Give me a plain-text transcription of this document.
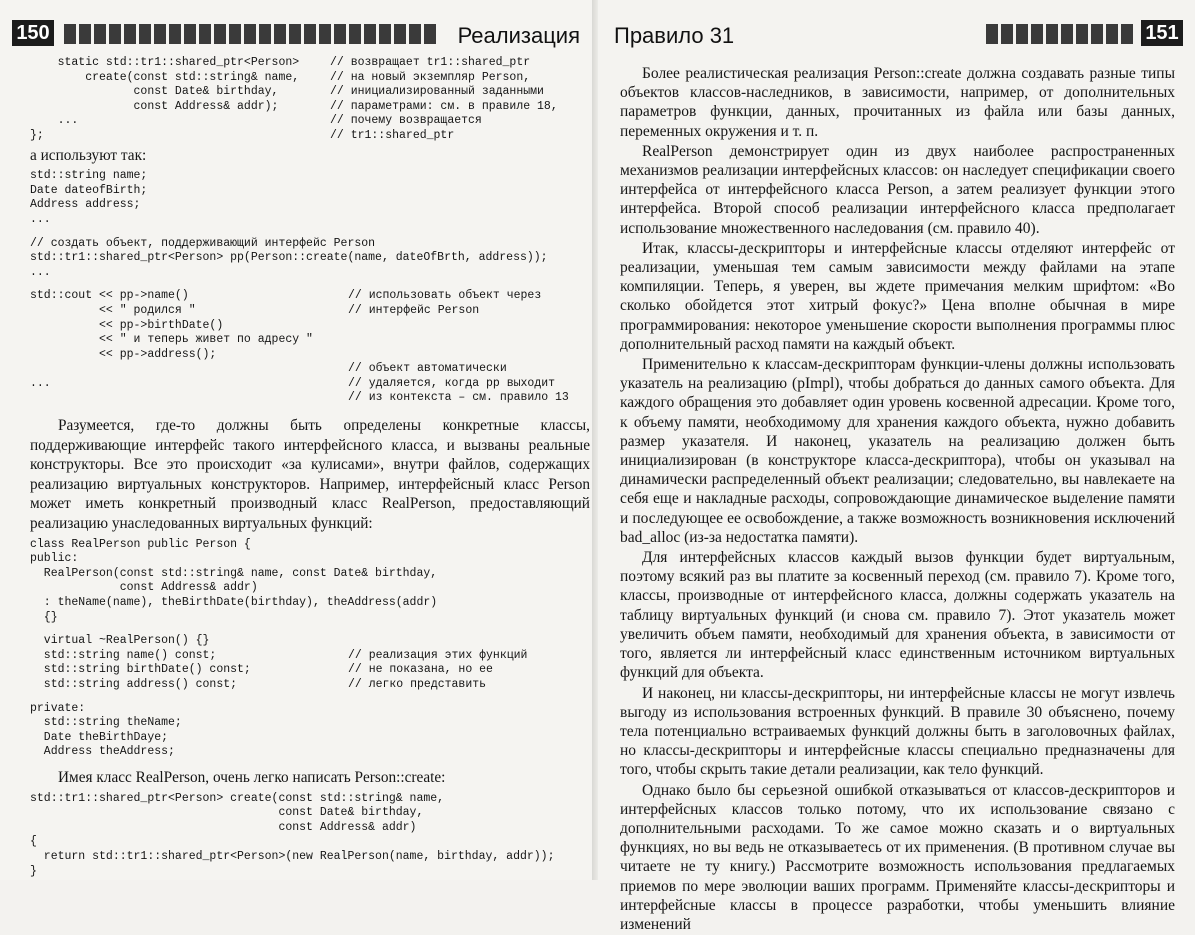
150	Реализация
static std::tr1::shared_ptr<Person>	// возвращает tr1::shared_ptr
create(const std::string& name,	// на новый экземпляр Person,
const Date& birthday,	// инициализированный заданными
const Address& addr);	// параметрами: см. в правиле 18,
...	// почему возвращается
};	// tr1::shared_ptr
а используют так:
std::string name;
Date dateofBirth;
Address address;
...
// создать объект, поддерживающий интерфейс Person
std::tr1::shared_ptr<Person> pp(Person::create(name, dateOfBrth, address));
...
std::cout << pp->name()	// использовать объект через
<< " родился "	// интерфейс Person
<< pp->birthDate()
<< " и теперь живет по адресу "
<< pp->address();
// объект автоматически
...	// удаляется, когда pp выходит
// из контекста – см. правило 13
Разумеется, где-то должны быть определены конкретные классы, поддерживающие интерфейс такого интерфейсного класса, и вызваны реальные конструкторы. Все это происходит «за кулисами», внутри файлов, содержащих реализацию виртуальных конструкторов. Например, интерфейсный класс Person может иметь конкретный производный класс RealPerson, предоставляющий реализацию унаследованных виртуальных функций:
class RealPerson public Person {
public:
RealPerson(const std::string& name, const Date& birthday,
const Address& addr)
: theName(name), theBirthDate(birthday), theAddress(addr)
{}
virtual ~RealPerson() {}
std::string name() const;	// реализация этих функций
std::string birthDate() const;	// не показана, но ее
std::string address() const;	// легко представить
private:
std::string theName;
Date theBirthDaye;
Address theAddress;
Имея класс RealPerson, очень легко написать Person::create:
std::tr1::shared_ptr<Person> create(const std::string& name,
const Date& birthday,
const Address& addr)
{
return std::tr1::shared_ptr<Person>(new RealPerson(name, birthday, addr));
}
Правило 31	151

Более реалистическая реализация Person::create должна создавать разные типы объектов классов-наследников, в зависимости, например, от дополнительных параметров функции, данных, прочитанных из файла или базы данных, переменных окружения и т. п.

RealPerson демонстрирует один из двух наиболее распространенных механизмов реализации интерфейсных классов: он наследует спецификации своего интерфейса от интерфейсного класса Person, а затем реализует функции этого интерфейса. Второй способ реализации интерфейсного класса предполагает использование множественного наследования (см. правило 40).

Итак, классы-дескрипторы и интерфейсные классы отделяют интерфейс от реализации, уменьшая тем самым зависимости между файлами на этапе компиляции. Теперь, я уверен, вы ждете примечания мелким шрифтом: «Во сколько обойдется этот хитрый фокус?» Цена вполне обычная в мире программирования: некоторое уменьшение скорости выполнения программы плюс дополнительный расход памяти на каждый объект.

Применительно к классам-дескрипторам функции-члены должны использовать указатель на реализацию (pImpl), чтобы добраться до данных самого объекта. Для каждого обращения это добавляет один уровень косвенной адресации. Кроме того, к объему памяти, необходимому для хранения каждого объекта, нужно добавить размер указателя. И наконец, указатель на реализацию должен быть инициализирован (в конструкторе класса-дескриптора), чтобы он указывал на динамически распределенный объект реализации; следовательно, вы навлекаете на себя еще и накладные расходы, сопровождающие динамическое выделение памяти и последующее ее освобождение, а также возможность возникновения исключений bad_alloc (из-за недостатка памяти).

Для интерфейсных классов каждый вызов функции будет виртуальным, поэтому всякий раз вы платите за косвенный переход (см. правило 7). Кроме того, классы, производные от интерфейсного класса, должны содержать указатель на таблицу виртуальных функций (и снова см. правило 7). Этот указатель может увеличить объем памяти, необходимый для хранения объекта, в зависимости от того, является ли интерфейсный класс единственным источником виртуальных функций для объекта.

И наконец, ни классы-дескрипторы, ни интерфейсные классы не могут извлечь выгоду из использования встроенных функций. В правиле 30 объяснено, почему тела потенциально встраиваемых функций должны быть в заголовочных файлах, но классы-дескрипторы и интерфейсные классы специально предназначены для того, чтобы скрыть такие детали реализации, как тело функций.

Однако было бы серьезной ошибкой отказываться от классов-дескрипторов и интерфейсных классов только потому, что их использование связано с дополнительными расходами. То же самое можно сказать и о виртуальных функциях, но вы ведь не отказываетесь от их применения. (В противном случае вы читаете не ту книгу.) Рассмотрите возможность использования предлагаемых приемов по мере эволюции ваших программ. Применяйте классы-дескрипторы и интерфейсные классы в процессе разработки, чтобы уменьшить влияние изменений
